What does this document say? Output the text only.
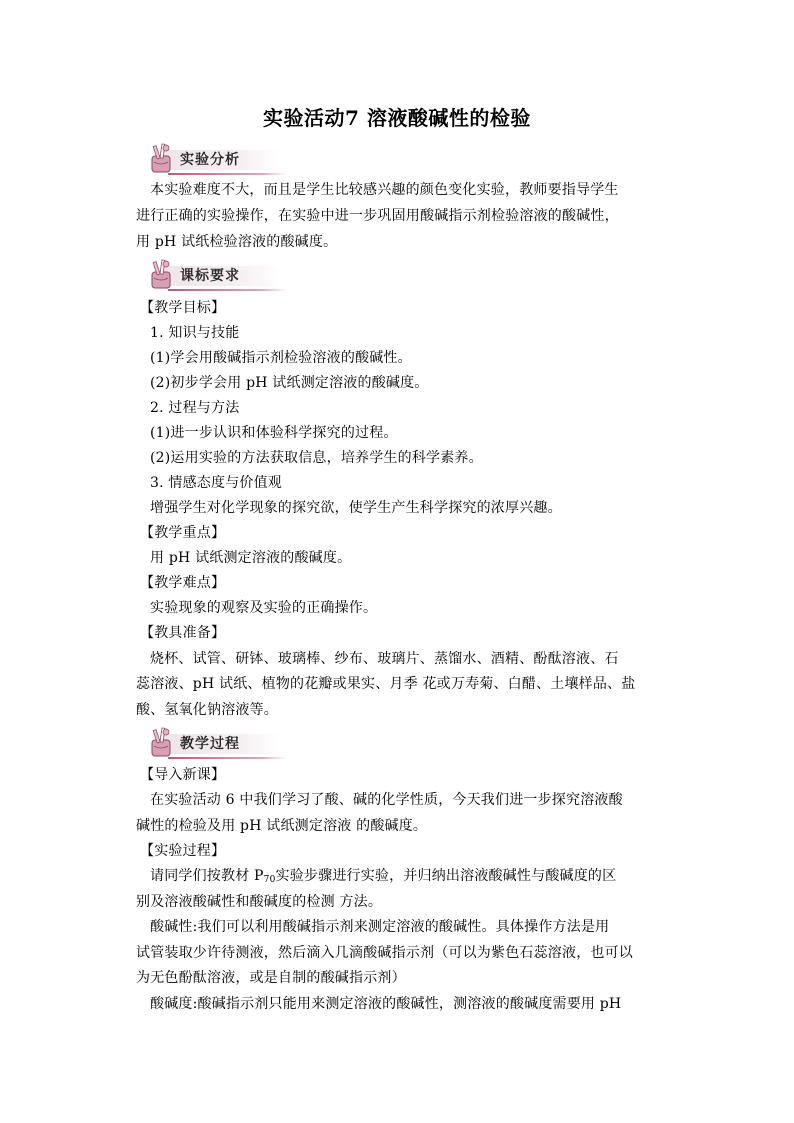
实验活动7 溶液酸碱性的检验
实验分析
本实验难度不大，而且是学生比较感兴趣的颜色变化实验，教师要指导学生
进行正确的实验操作，在实验中进一步巩固用酸碱指示剂检验溶液的酸碱性，
用 pH 试纸检验溶液的酸碱度。
课标要求
【教学目标】
1. 知识与技能
(1)学会用酸碱指示剂检验溶液的酸碱性。
(2)初步学会用 pH 试纸测定溶液的酸碱度。
2. 过程与方法
(1)进一步认识和体验科学探究的过程。
(2)运用实验的方法获取信息，培养学生的科学素养。
3. 情感态度与价值观
增强学生对化学现象的探究欲，使学生产生科学探究的浓厚兴趣。
【教学重点】
用 pH 试纸测定溶液的酸碱度。
【教学难点】
实验现象的观察及实验的正确操作。
【教具准备】
烧杯、试管、研钵、玻璃棒、纱布、玻璃片、蒸馏水、酒精、酚酞溶液、石
蕊溶液、pH 试纸、植物的花瓣或果实、月季 花或万寿菊、白醋、土壤样品、盐
酸、氢氧化钠溶液等。
教学过程
【导入新课】
在实验活动 6 中我们学习了酸、碱的化学性质，今天我们进一步探究溶液酸
碱性的检验及用 pH 试纸测定溶液 的酸碱度。
【实验过程】
请同学们按教材 $P_{70}$实验步骤进行实验，并归纳出溶液酸碱性与酸碱度的区
别及溶液酸碱性和酸碱度的检测 方法。
酸碱性:我们可以利用酸碱指示剂来测定溶液的酸碱性。具体操作方法是用
试管装取少许待测液，然后滴入几滴酸碱指示剂（可以为紫色石蕊溶液，也可以
为无色酚酞溶液，或是自制的酸碱指示剂）
酸碱度:酸碱指示剂只能用来测定溶液的酸碱性，测溶液的酸碱度需要用 pH
